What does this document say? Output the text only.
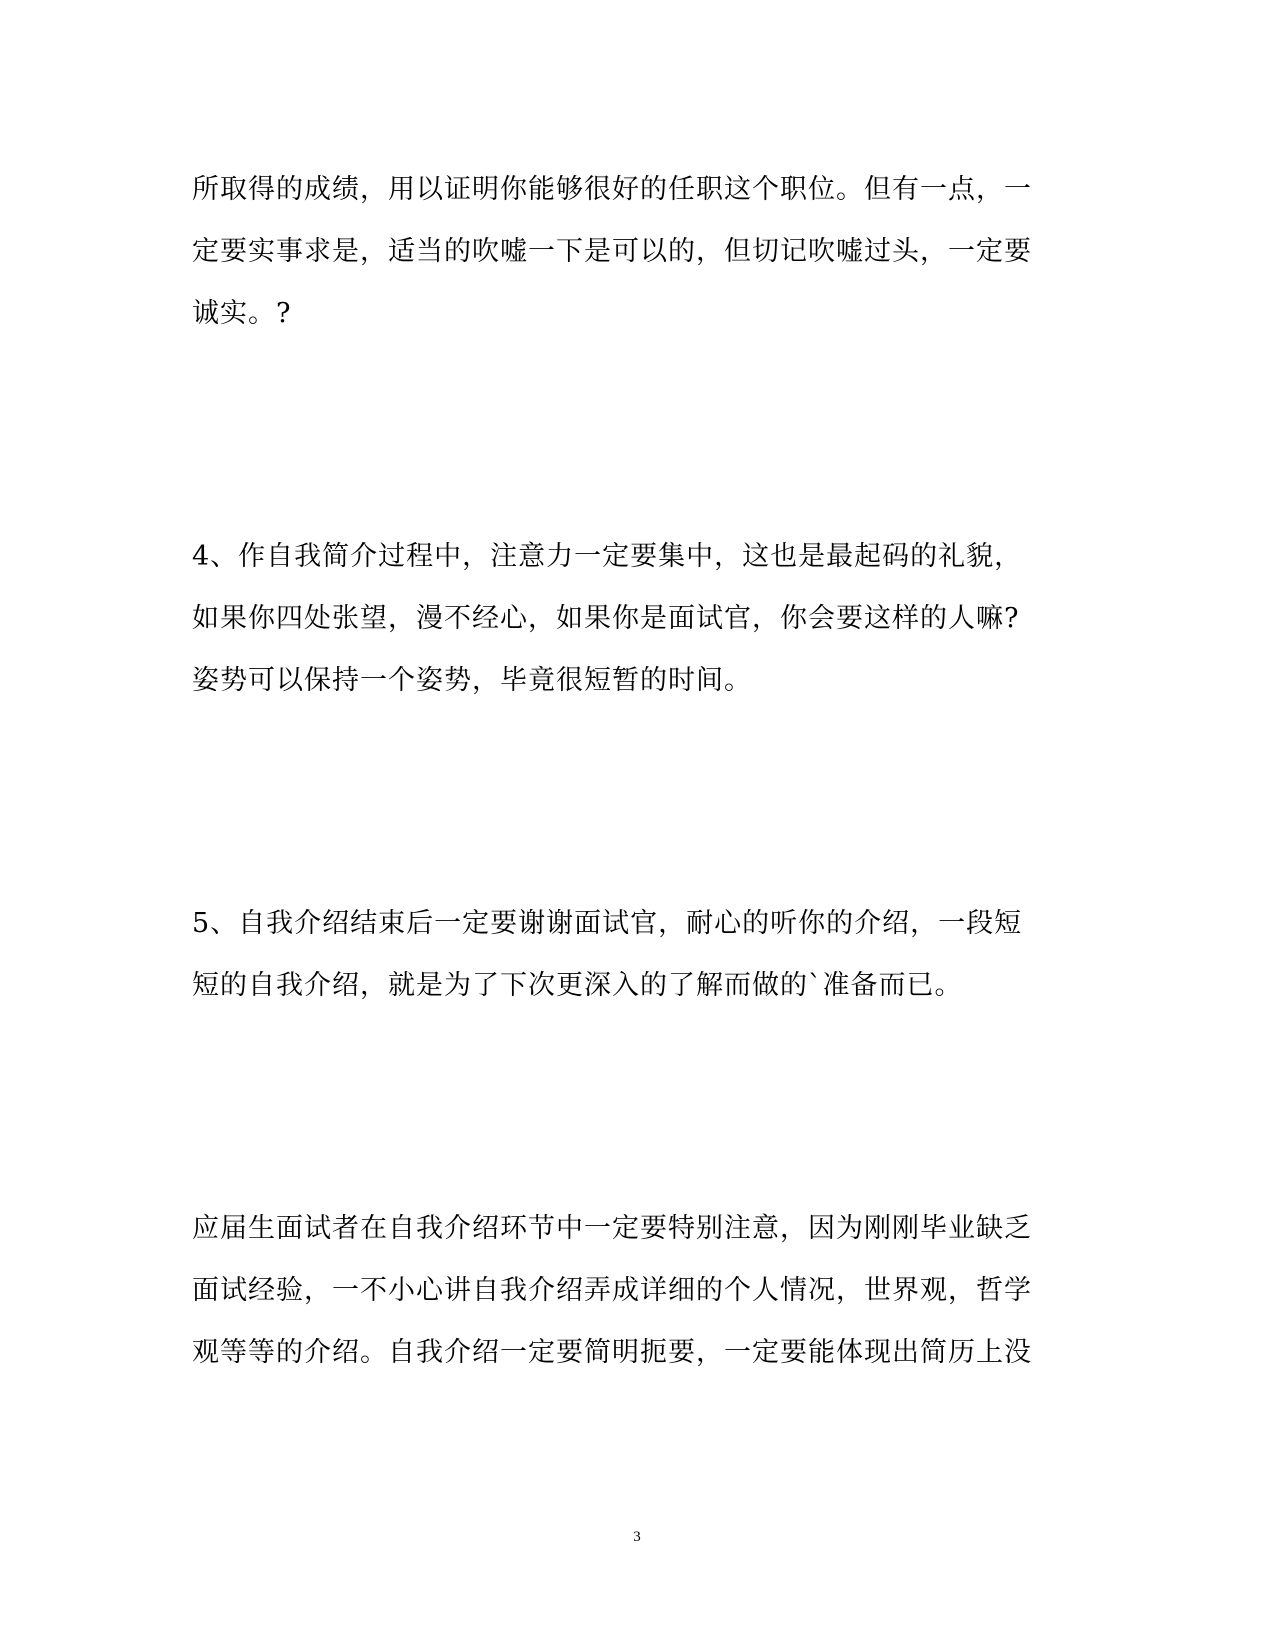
所取得的成绩，用以证明你能够很好的任职这个职位。但有一点，一
定要实事求是，适当的吹嘘一下是可以的，但切记吹嘘过头，一定要
诚实。?
4、作自我简介过程中，注意力一定要集中，这也是最起码的礼貌，
如果你四处张望，漫不经心，如果你是面试官，你会要这样的人嘛?
姿势可以保持一个姿势，毕竟很短暂的时间。
5、自我介绍结束后一定要谢谢面试官，耐心的听你的介绍，一段短
短的自我介绍，就是为了下次更深入的了解而做的`准备而已。
应届生面试者在自我介绍环节中一定要特别注意，因为刚刚毕业缺乏
面试经验，一不小心讲自我介绍弄成详细的个人情况，世界观，哲学
观等等的介绍。自我介绍一定要简明扼要，一定要能体现出简历上没
3
